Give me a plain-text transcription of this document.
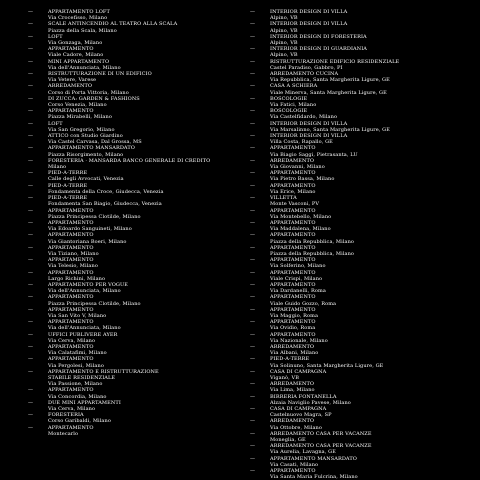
—	APPARTAMENTO LOFT
Via Crocefisso, Milano
—	SCALE ANTINCENDIO AL TEATRO ALLA SCALA
Piazza della Scala, Milano
—	LOFT
Via Gonzaga, Milano
—	APPARTAMENTO
Viale Cadore, Milano
—	MINI APPARTAMENTO
Via dell'Annunciata, Milano
—	RISTRUTTURAZIONE DI UN EDIFICIO
Via Vetere, Varese
—	ARREDAMENTO
Corso di Porta Vittoria, Milano
—	DI ZUCCA: GARDEN & FASHIONS
Corso Venezia, Milano
—	APPARTAMENTO
Piazza Mirabelli, Milano
—	LOFT
Via San Gregorio, Milano
—	ATTICO con Studio Giardino
Via Castel Carvasa, Dal Grossa, MS
—	APPARTAMENTO MANSARDATO
Piazza Risorgimento, Milano
—	FORESTERIA · MANSARDA BANCO GENERALE DI CREDITO
Milano
—	PIED-A-TERRE
Calle degli Avvocati, Venezia
—	PIED-A-TERRE
Fondamenta della Croce, Giudecca, Venezia
—	PIED-A-TERRE
Fondamenta San Biagio, Giudecca, Venezia
—	APPARTAMENTO
Piazza Principessa Clotilde, Milano
—	APPARTAMENTO
Via Edoardo Sanguineti, Milano
—	APPARTAMENTO
Via Giantoriana Boeri, Milano
—	APPARTAMENTO
Via Tiziano, Milano
—	APPARTAMENTO
Via Telesio, Milano
—	APPARTAMENTO
Largo Richini, Milano
—	APPARTAMENTO PER VOGUE
Via dell'Annunciata, Milano
—	APPARTAMENTO
Piazza Principessa Clotilde, Milano
—	APPARTAMENTO
Via San Vito V, Milano
—	APPARTAMENTO
Via dell'Annunciata, Milano
—	UFFICI PUBLIVERE AYER
Via Cerva, Milano
—	APPARTAMENTO
Via Calatafimi, Milano
—	APPARTAMENTO
Via Pergolesi, Milano
—	APPARTAMENTO E RISTRUTTURAZIONE
STABILE RESIDENZIALE
Via Passione, Milano
—	APPARTAMENTO
Via Concordia, Milano
—	DUE MINI APPARTAMENTI
Via Cerva, Milano
—	FORESTERIA
Corso Garibaldi, Milano
—	APPARTAMENTO
Montecarlo
—	INTERIOR DESIGN DI VILLA
Alpino, VB
—	INTERIOR DESIGN DI VILLA
Alpino, VB
—	INTERIOR DESIGN DI FORESTERIA
Alpino, VB
—	INTERIOR DESIGN DI GUARDIANIA
Alpino, VB
—	RISTRUTTURAZIONE EDIFICIO RESIDENZIALE
Castel Paradiso, Gabbro, PI
—	ARREDAMENTO CUCINA
Via Repubblica, Santa Margherita Ligure, GE
—	CASA A SCHIERA
Viale Minerva, Santa Margherita Ligure, GE
—	BOSCOLOGIE
Via Fatici, Milano
—	BOSCOLOGIE
Via Castelfidardo, Milano
—	INTERIOR DESIGN DI VILLA
Via Marsalinno, Santa Margherita Ligure, GE
—	INTERIOR DESIGN DI VILLA
Villa Costa, Rapallo, GE
—	APPARTAMENTO
Via Biagio Saggi, Pietrasanta, LU
—	ARREDAMENTO
Via Giovanni, Milano
—	APPARTAMENTO
Via Pietro Bassa, Milano
—	APPARTAMENTO
Via Erice, Milano
—	VILLETTA
Monte Vasconi, PV
—	APPARTAMENTO
Via Montebello, Milano
—	APPARTAMENTO
Via Maddalena, Milano
—	APPARTAMENTO
Piazza della Repubblica, Milano
—	APPARTAMENTO
Piazza della Repubblica, Milano
—	APPARTAMENTO
Via Solferino, Milano
—	APPARTAMENTO
Viale Crispi, Milano
—	APPARTAMENTO
Via Dardanelli, Roma
—	APPARTAMENTO
Viale Guido Gozzo, Roma
—	APPARTAMENTO
Via Maggio, Roma
—	APPARTAMENTO
Via Ovidio, Roma
—	APPARTAMENTO
Via Nazionale, Milano
—	ARREDAMENTO
Via Albani, Milano
—	PIED-A-TERRE
Via Solinuno, Santa Margherita Ligure, GE
—	CASA DI CAMPAGNA
Viganò, VB
—	ARREDAMENTO
Via Lima, Milano
—	BIRRERIA FONTANELLA
Alzaia Naviglio Pavese, Milano
—	CASA DI CAMPAGNA
Castelnuovo Magra, SP
—	ARREDAMENTO
Via Ottobre, Milano
—	ARREDAMENTO CASA PER VACANZE
Moneglia, GE
—	ARREDAMENTO CASA PER VACANZE
Via Aurelia, Lavagna, GE
—	APPARTAMENTO MANSARDATO
Via Casati, Milano
—	APPARTAMENTO
Via Santa Maria Fulcrina, Milano
